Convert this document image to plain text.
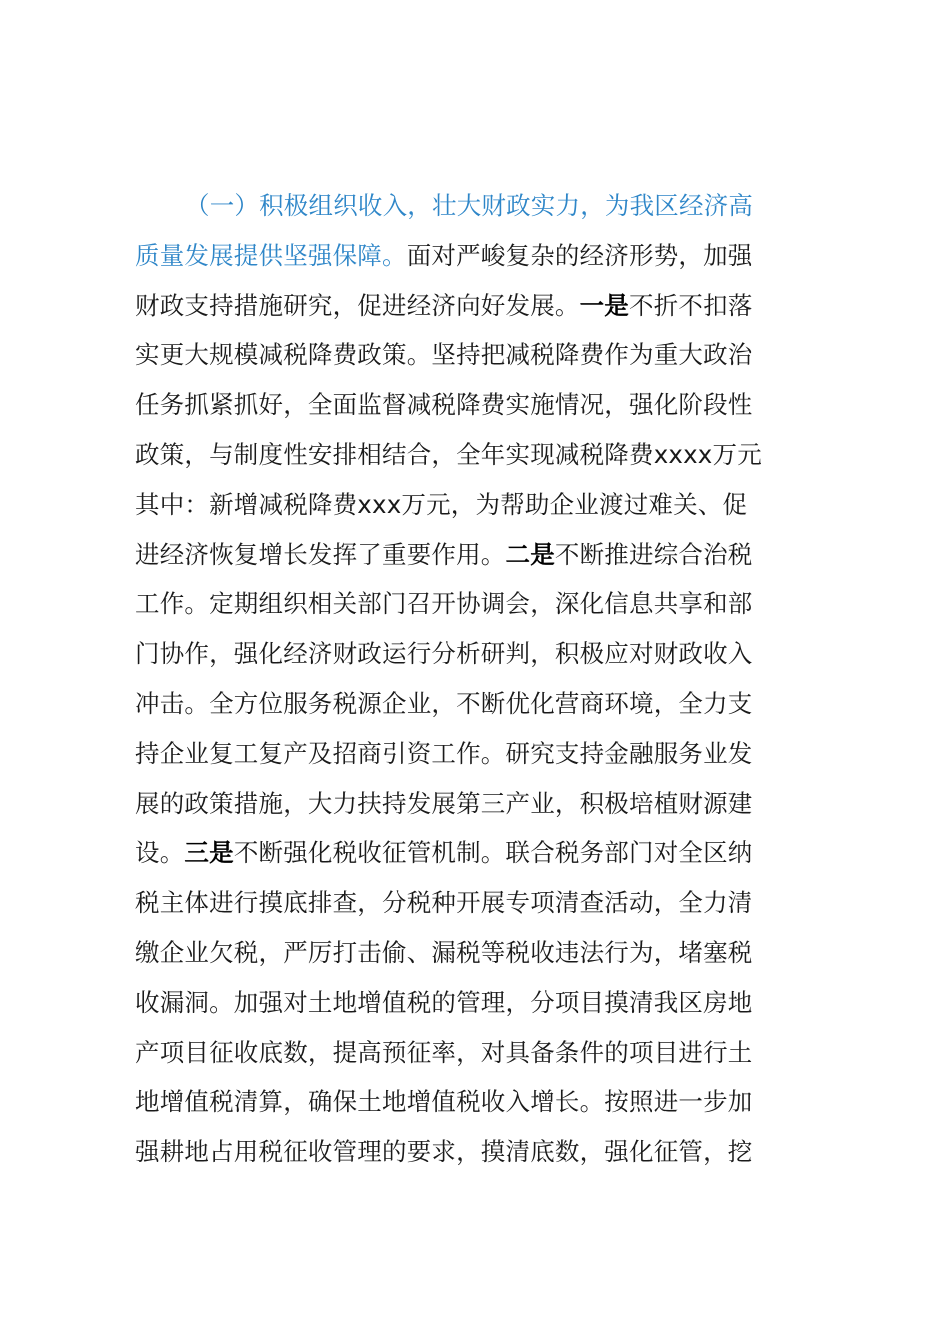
（一）积极组织收入，壮大财政实力，为我区经济高
质量发展提供坚强保障。面对严峻复杂的经济形势，加强
财政支持措施研究，促进经济向好发展。一是不折不扣落
实更大规模减税降费政策。坚持把减税降费作为重大政治
任务抓紧抓好，全面监督减税降费实施情况，强化阶段性
政策，与制度性安排相结合，全年实现减税降费xxxx万元
其中：新增减税降费xxx万元，为帮助企业渡过难关、促
进经济恢复增长发挥了重要作用。二是不断推进综合治税
工作。定期组织相关部门召开协调会，深化信息共享和部
门协作，强化经济财政运行分析研判，积极应对财政收入
冲击。全方位服务税源企业，不断优化营商环境，全力支
持企业复工复产及招商引资工作。研究支持金融服务业发
展的政策措施，大力扶持发展第三产业，积极培植财源建
设。三是不断强化税收征管机制。联合税务部门对全区纳
税主体进行摸底排查，分税种开展专项清查活动，全力清
缴企业欠税，严厉打击偷、漏税等税收违法行为，堵塞税
收漏洞。加强对土地增值税的管理，分项目摸清我区房地
产项目征收底数，提高预征率，对具备条件的项目进行土
地增值税清算，确保土地增值税收入增长。按照进一步加
强耕地占用税征收管理的要求，摸清底数，强化征管，挖
